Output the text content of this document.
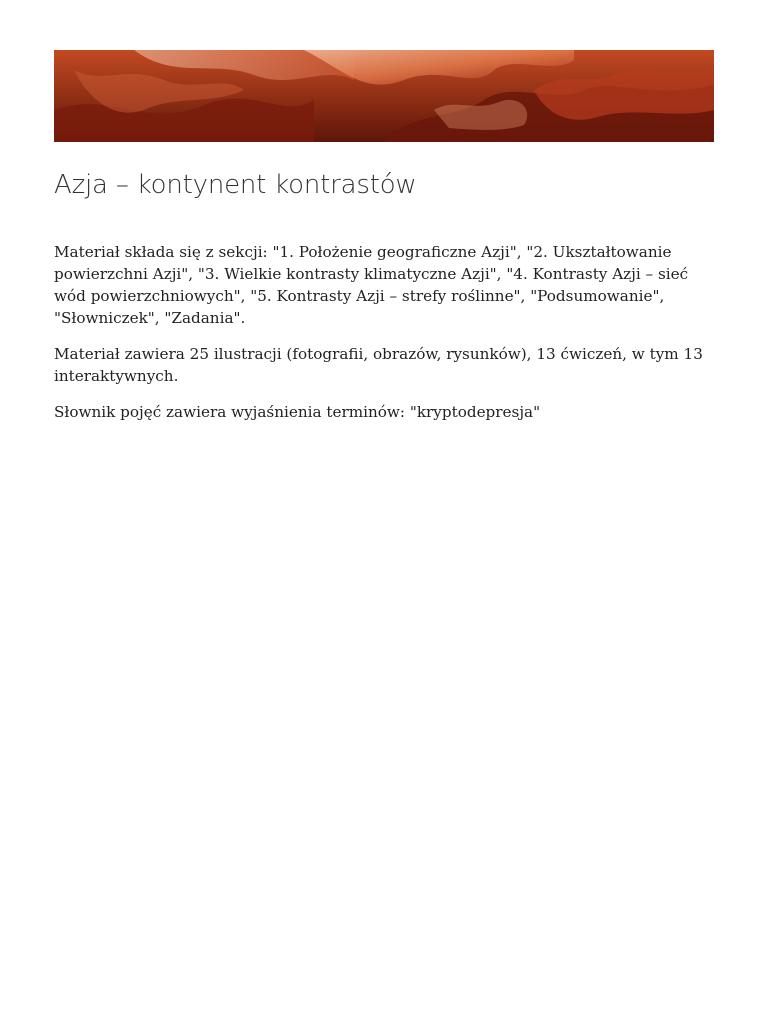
Azja – kontynent kontrastów

Materiał składa się z sekcji: "1. Położenie geograficzne Azji", "2. Ukształtowanie powierzchni Azji", "3. Wielkie kontrasty klimatyczne Azji", "4. Kontrasty Azji – sieć wód powierzchniowych", "5. Kontrasty Azji – strefy roślinne", "Podsumowanie", "Słowniczek", "Zadania".

Materiał zawiera 25 ilustracji (fotografii, obrazów, rysunków), 13 ćwiczeń, w tym 13 interaktywnych.

Słownik pojęć zawiera wyjaśnienia terminów: "kryptodepresja"
